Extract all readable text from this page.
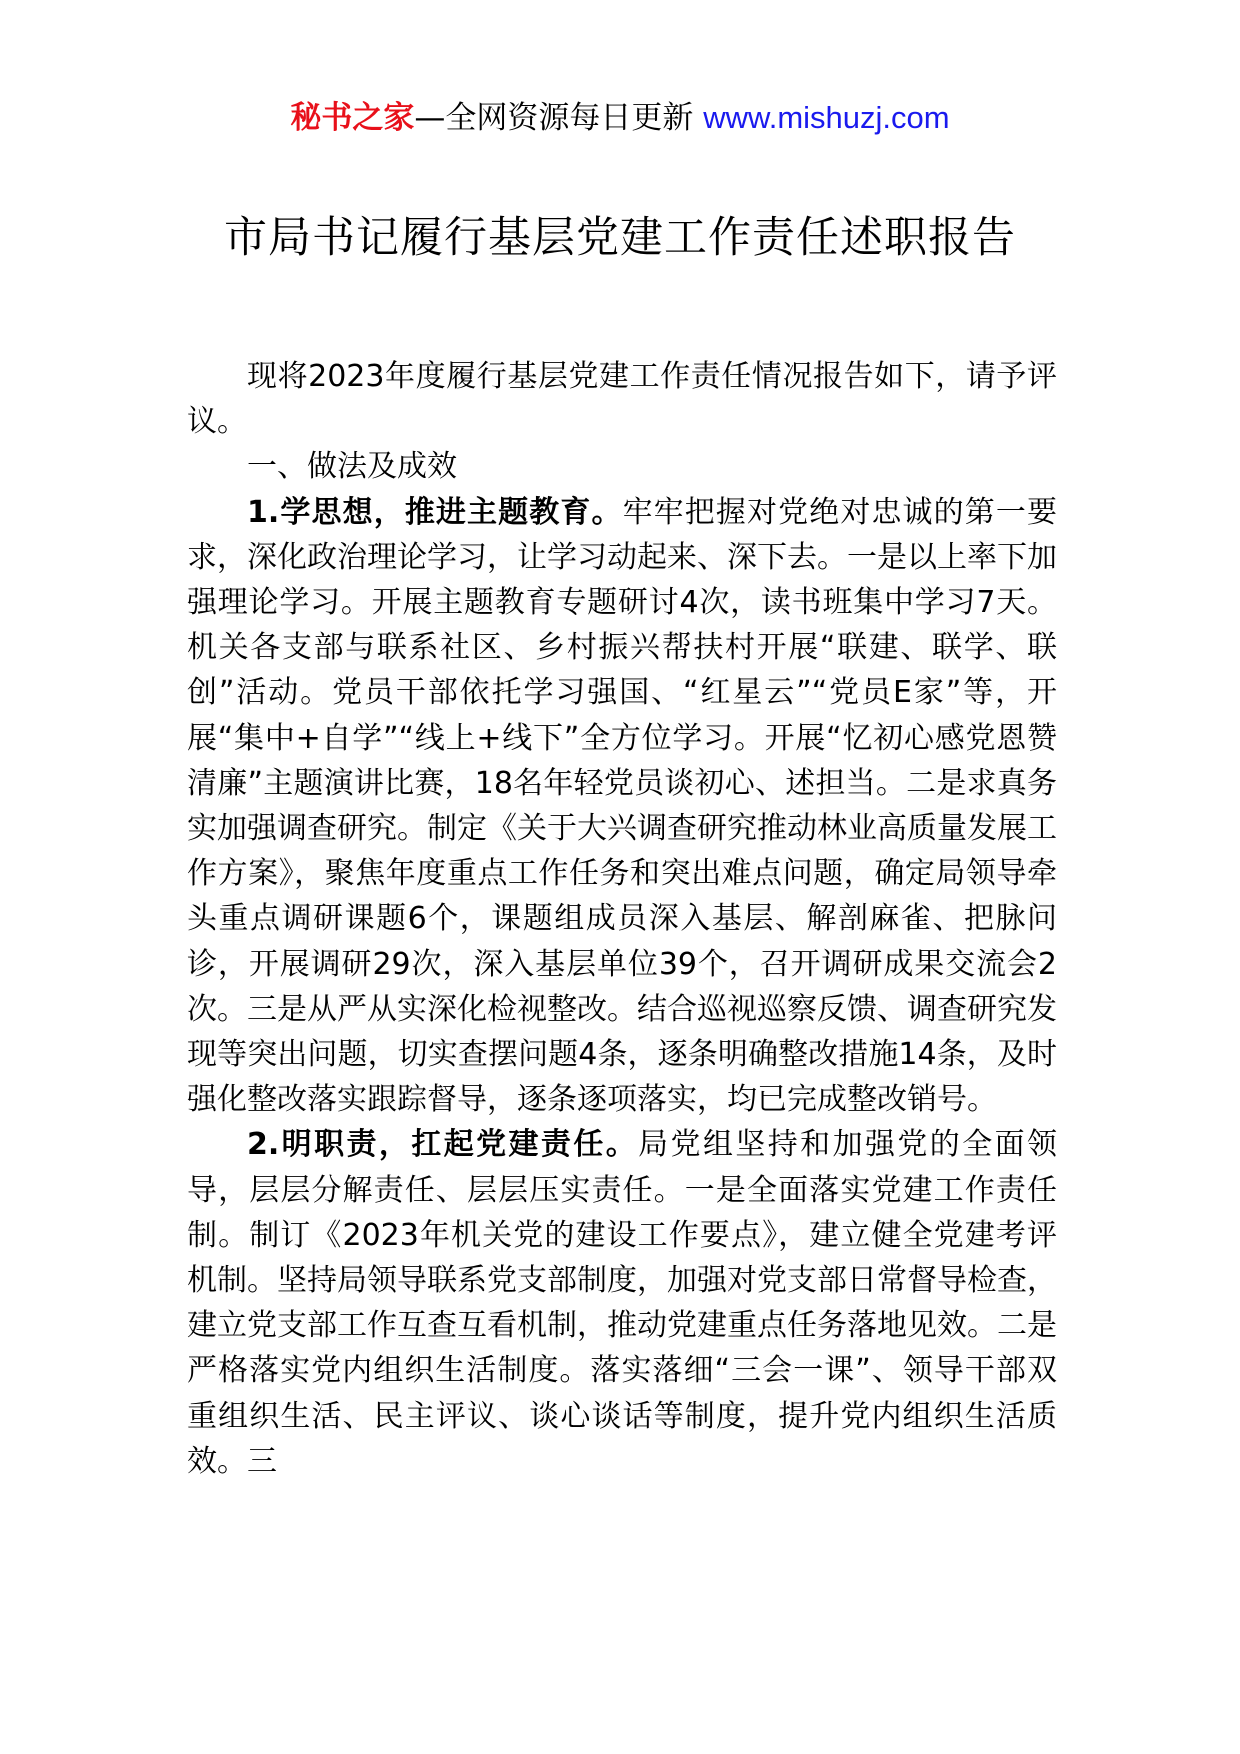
秘书之家—全网资源每日更新 www.mishuzj.com
市局书记履行基层党建工作责任述职报告

现将2023年度履行基层党建工作责任情况报告如下，请予评议。

一、做法及成效

1.学思想，推进主题教育。牢牢把握对党绝对忠诚的第一要求，深化政治理论学习，让学习动起来、深下去。一是以上率下加强理论学习。开展主题教育专题研讨4次，读书班集中学习7天。机关各支部与联系社区、乡村振兴帮扶村开展“联建、联学、联创”活动。党员干部依托学习强国、“红星云”“党员E家”等，开展“集中+自学”“线上+线下”全方位学习。开展“忆初心感党恩赞清廉”主题演讲比赛，18名年轻党员谈初心、述担当。二是求真务实加强调查研究。制定《关于大兴调查研究推动林业高质量发展工作方案》，聚焦年度重点工作任务和突出难点问题，确定局领导牵头重点调研课题6个，课题组成员深入基层、解剖麻雀、把脉问诊，开展调研29次，深入基层单位39个，召开调研成果交流会2次。三是从严从实深化检视整改。结合巡视巡察反馈、调查研究发现等突出问题，切实查摆问题4条，逐条明确整改措施14条，及时强化整改落实跟踪督导，逐条逐项落实，均已完成整改销号。

2.明职责，扛起党建责任。局党组坚持和加强党的全面领导，层层分解责任、层层压实责任。一是全面落实党建工作责任制。制订《2023年机关党的建设工作要点》，建立健全党建考评机制。坚持局领导联系党支部制度，加强对党支部日常督导检查，建立党支部工作互查互看机制，推动党建重点任务落地见效。二是严格落实党内组织生活制度。落实落细“三会一课”、领导干部双重组织生活、民主评议、谈心谈话等制度，提升党内组织生活质效。三
